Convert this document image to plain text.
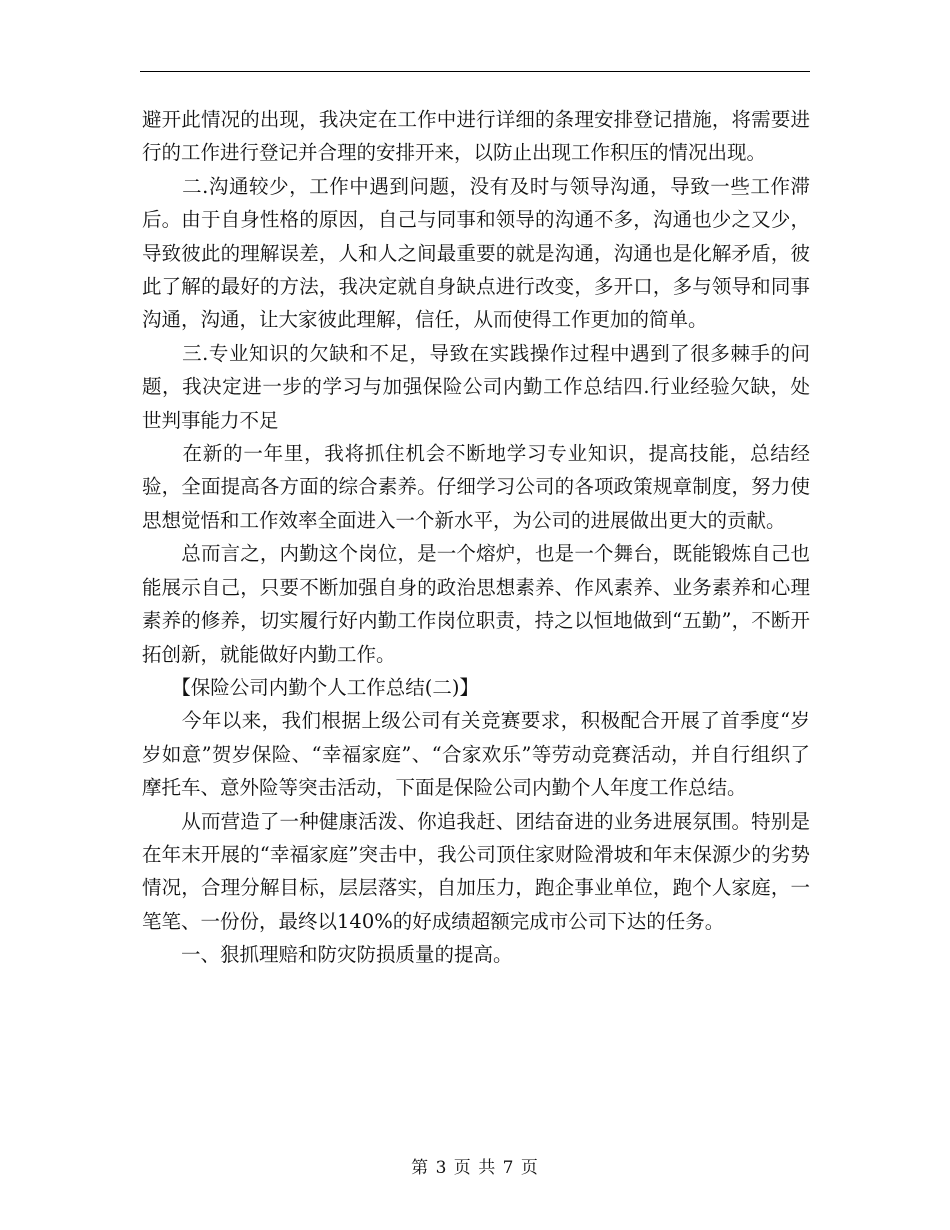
避开此情况的出现，我决定在工作中进行详细的条理安排登记措施，将需要进行的工作进行登记并合理的安排开来，以防止出现工作积压的情况出现。

　　二.沟通较少，工作中遇到问题，没有及时与领导沟通，导致一些工作滞后。由于自身性格的原因，自己与同事和领导的沟通不多，沟通也少之又少，导致彼此的理解误差，人和人之间最重要的就是沟通，沟通也是化解矛盾，彼此了解的最好的方法，我决定就自身缺点进行改变，多开口，多与领导和同事沟通，沟通，让大家彼此理解，信任，从而使得工作更加的简单。

　　三.专业知识的欠缺和不足，导致在实践操作过程中遇到了很多棘手的问题，我决定进一步的学习与加强保险公司内勤工作总结四.行业经验欠缺，处世判事能力不足

　　在新的一年里，我将抓住机会不断地学习专业知识，提高技能，总结经验，全面提高各方面的综合素养。仔细学习公司的各项政策规章制度，努力使思想觉悟和工作效率全面进入一个新水平，为公司的进展做出更大的贡献。

　　总而言之，内勤这个岗位，是一个熔炉，也是一个舞台，既能锻炼自己也能展示自己，只要不断加强自身的政治思想素养、作风素养、业务素养和心理素养的修养，切实履行好内勤工作岗位职责，持之以恒地做到“五勤”，不断开拓创新，就能做好内勤工作。

　　【保险公司内勤个人工作总结(二)】

　　今年以来，我们根据上级公司有关竞赛要求，积极配合开展了首季度“岁岁如意”贺岁保险、“幸福家庭”、“合家欢乐”等劳动竞赛活动，并自行组织了摩托车、意外险等突击活动，下面是保险公司内勤个人年度工作总结。

　　从而营造了一种健康活泼、你追我赶、团结奋进的业务进展氛围。特别是在年末开展的“幸福家庭”突击中，我公司顶住家财险滑坡和年末保源少的劣势情况，合理分解目标，层层落实，自加压力，跑企事业单位，跑个人家庭，一笔笔、一份份，最终以140%的好成绩超额完成市公司下达的任务。

　　一、狠抓理赔和防灾防损质量的提高。

第 3 页 共 7 页
